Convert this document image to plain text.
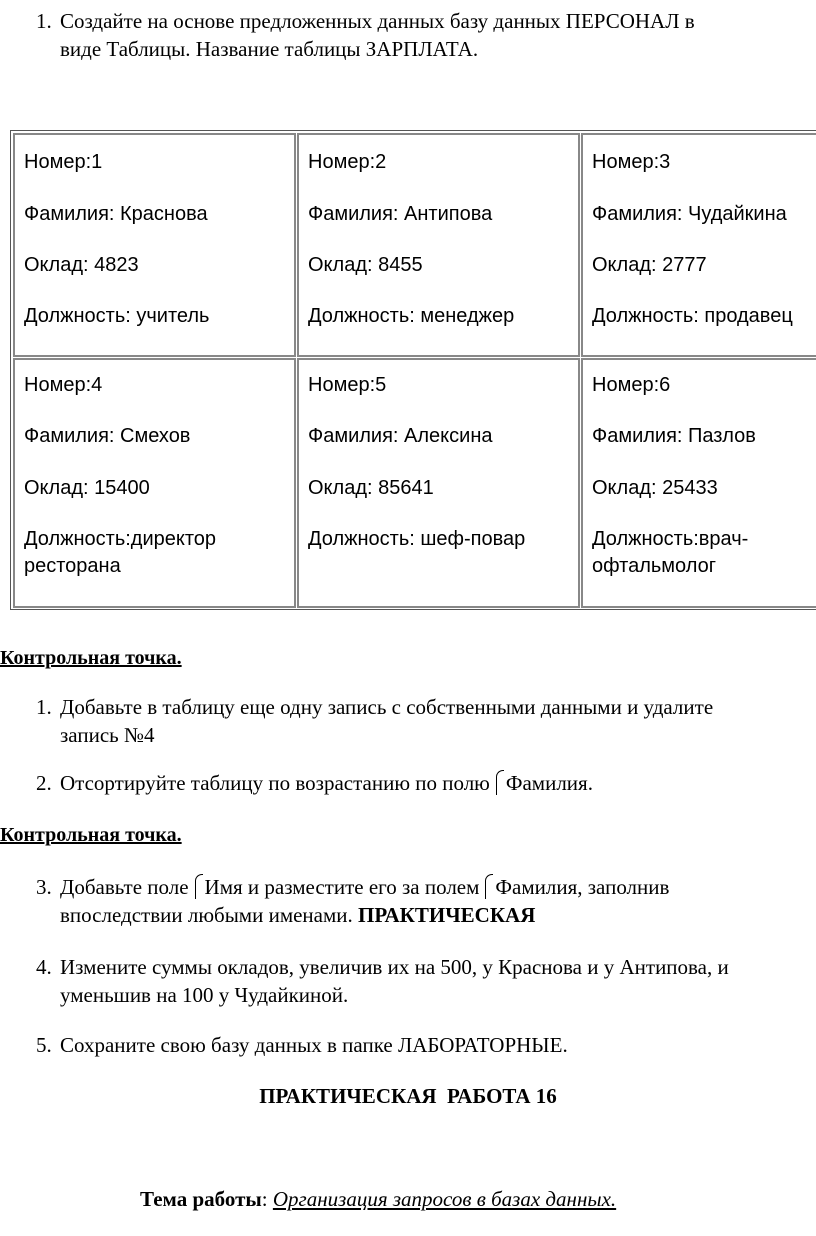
1. Создайте на основе предложенных данных базу данных ПЕРСОНАЛ в
виде Таблицы. Название таблицы ЗАРПЛАТА.
Номер:1
Фамилия: Краснова
Оклад: 4823
Должность: учитель
Номер:2
Фамилия: Антипова
Оклад: 8455
Должность: менеджер
Номер:3
Фамилия: Чудайкина
Оклад: 2777
Должность: продавец
Номер:4
Фамилия: Смехов
Оклад: 15400
Должность:директор
ресторана
Номер:5
Фамилия: Алексина
Оклад: 85641
Должность: шеф-повар
Номер:6
Фамилия: Пазлов
Оклад: 25433
Должность:врач-
офтальмолог
Контрольная точка.
1. Добавьте в таблицу еще одну запись с собственными данными и удалите
запись №4
2. Отсортируйте таблицу по возрастанию по полю Фамилия.
Контрольная точка.
3. Добавьте поле Имя и разместите его за полем Фамилия, заполнив
впоследствии любыми именами. ПРАКТИЧЕСКАЯ
4. Измените суммы окладов, увеличив их на 500, у Краснова и у Антипова, и
уменьшив на 100 у Чудайкиной.
5. Сохраните свою базу данных в папке ЛАБОРАТОРНЫЕ.
ПРАКТИЧЕСКАЯ  РАБОТА 16
Тема работы: Организация запросов в базах данных.
